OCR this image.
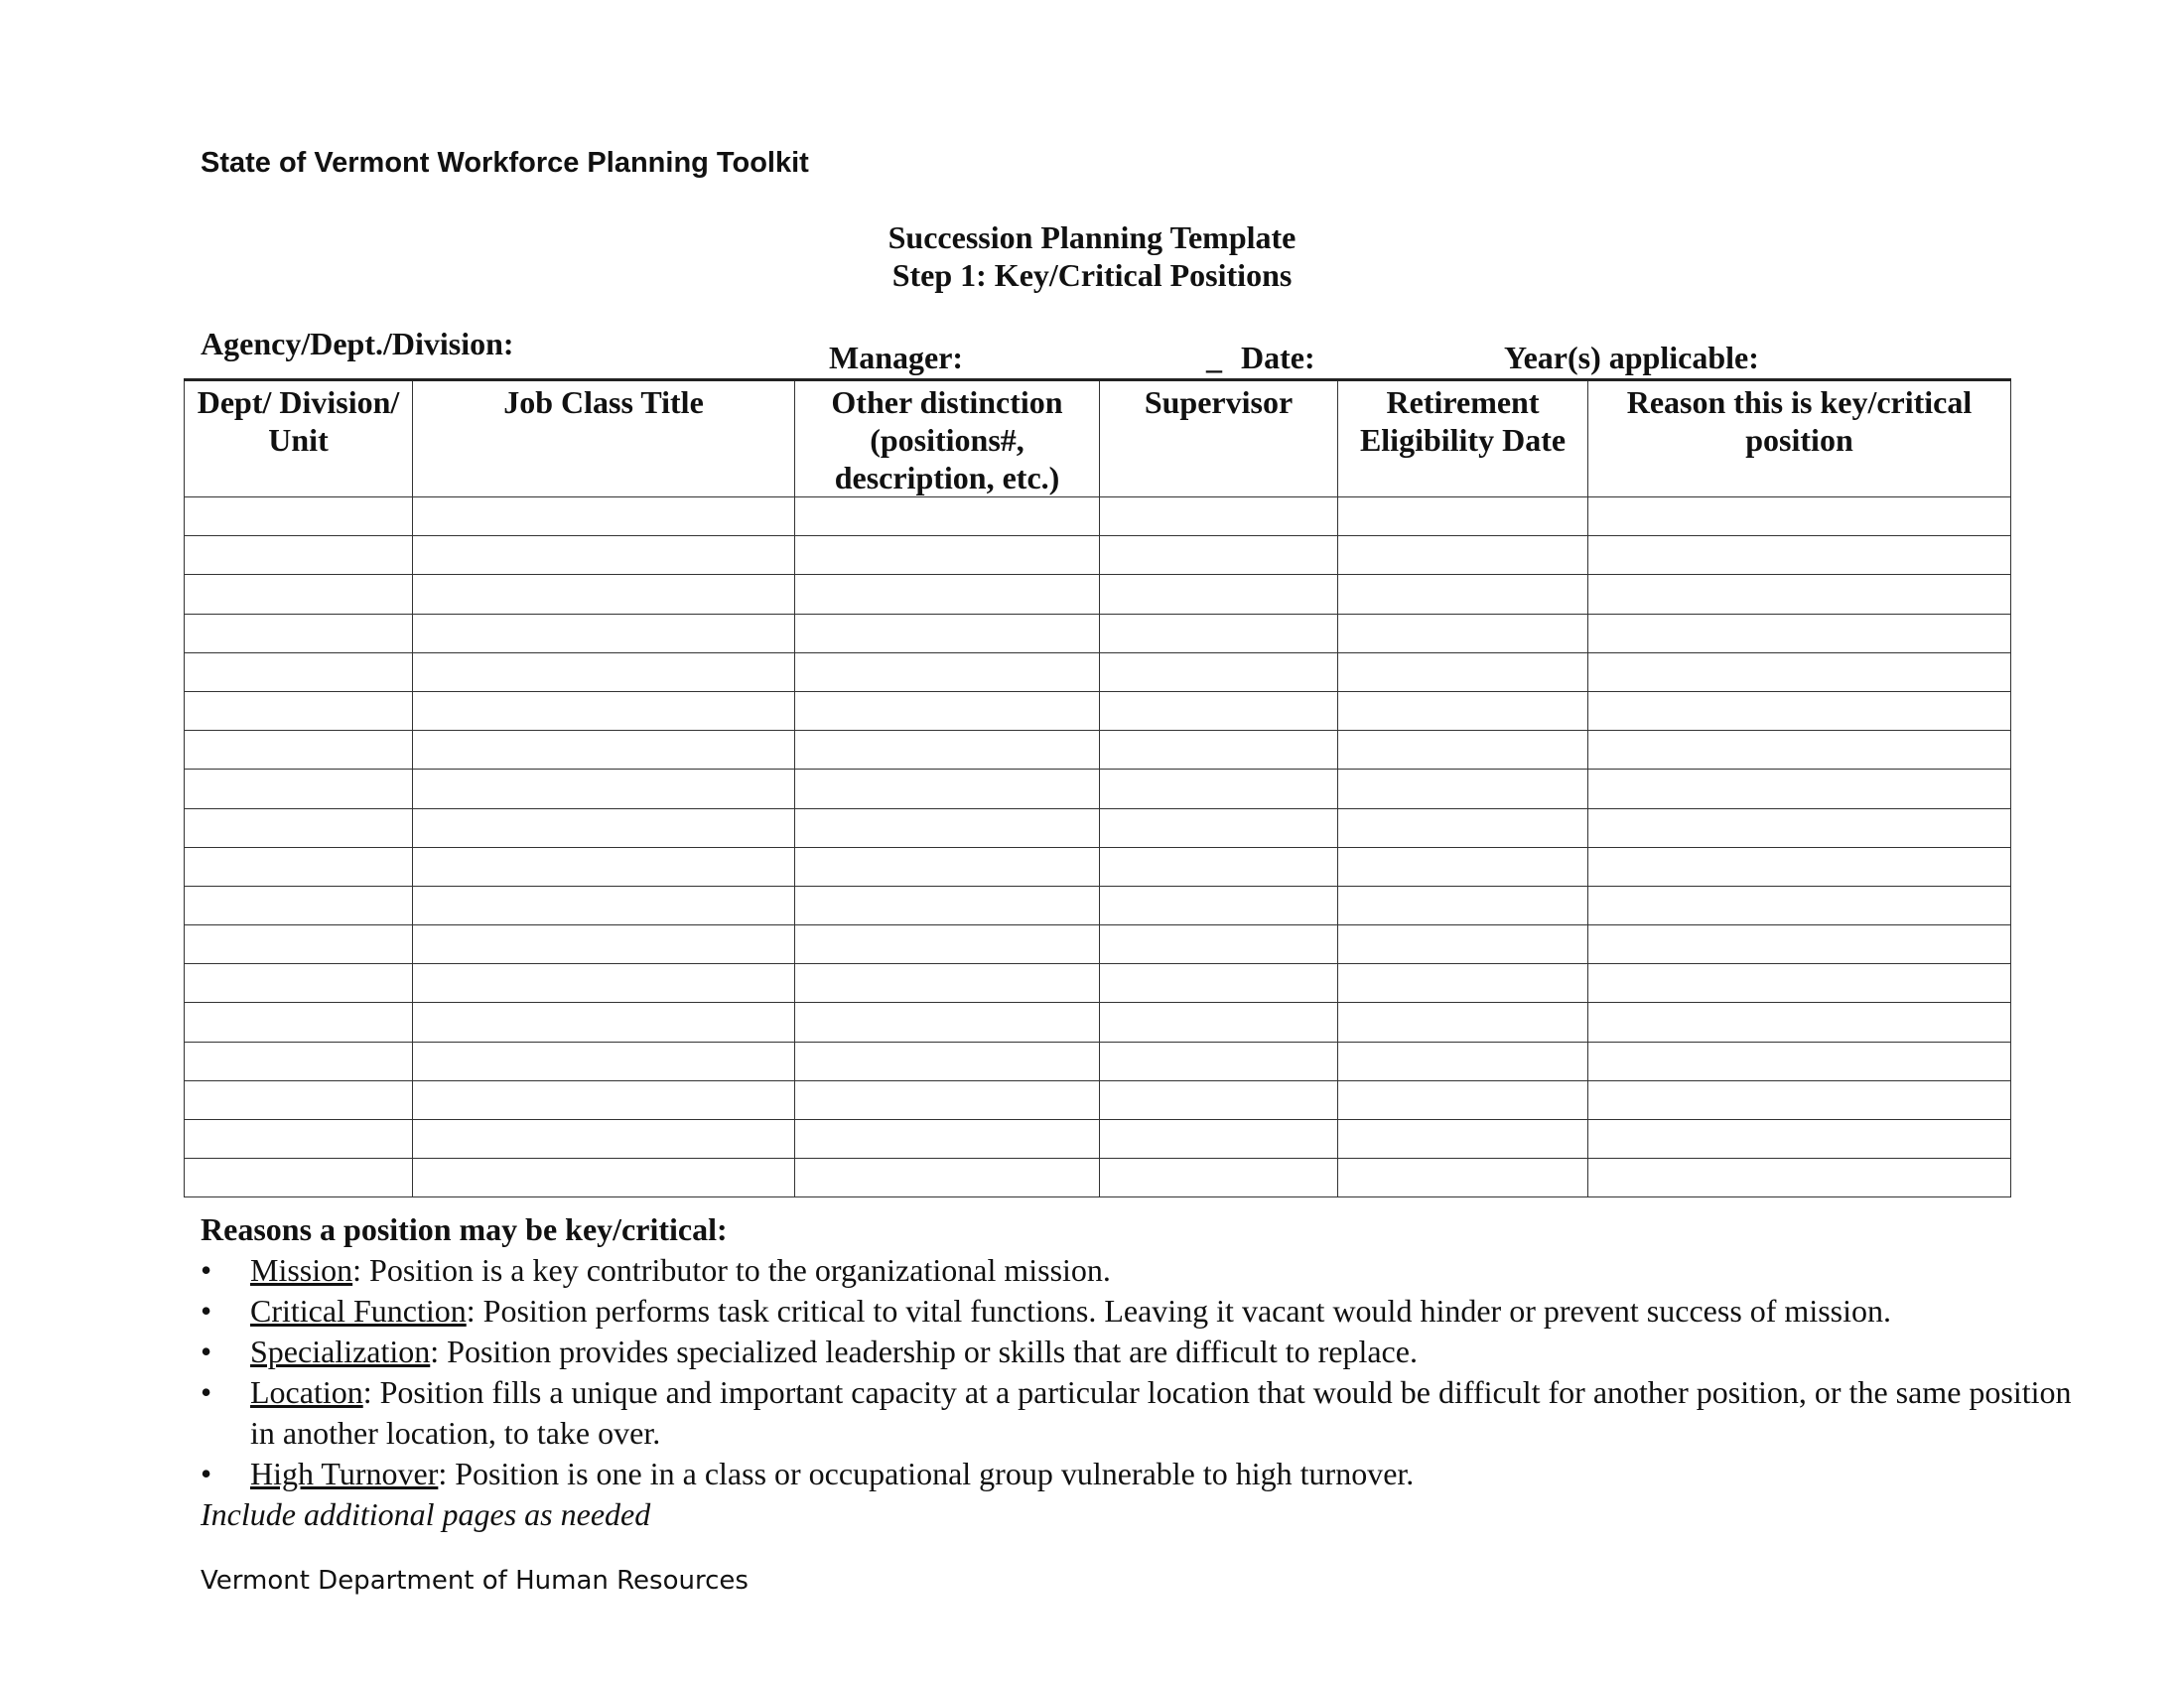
State of Vermont Workforce Planning Toolkit
Succession Planning Template
Step 1: Key/Critical Positions
Agency/Dept./Division:	Manager:	_ Date:	Year(s) applicable:
Dept/ Division/ Unit	Job Class Title	Other distinction (positions#, description, etc.)	Supervisor	Retirement Eligibility Date	Reason this is key/critical position

Reasons a position may be key/critical:
• Mission: Position is a key contributor to the organizational mission.
• Critical Function: Position performs task critical to vital functions. Leaving it vacant would hinder or prevent success of mission.
• Specialization: Position provides specialized leadership or skills that are difficult to replace.
• Location: Position fills a unique and important capacity at a particular location that would be difficult for another position, or the same position in another location, to take over.
• High Turnover: Position is one in a class or occupational group vulnerable to high turnover.
Include additional pages as needed
Vermont Department of Human Resources
